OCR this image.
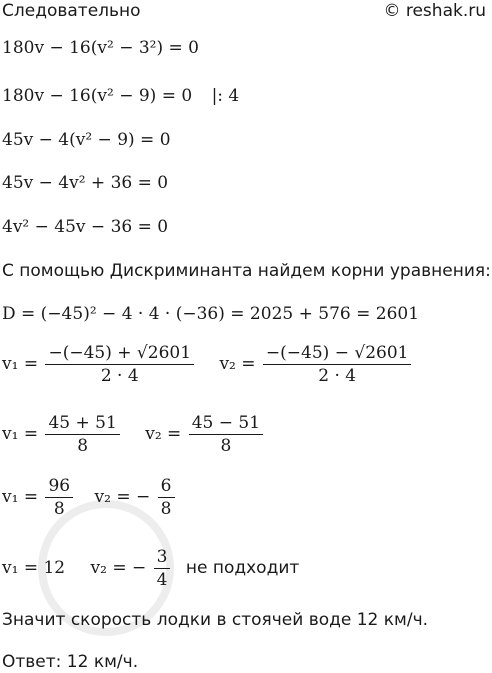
Следовательно	© reshak.ru
180v − 16(v² − 3²) = 0
180v − 16(v² − 9) = 0 |: 4
45v − 4(v² − 9) = 0
45v − 4v² + 36 = 0
4v² − 45v − 36 = 0
С помощью Дискриминанта найдем корни уравнения:
D = (−45)² − 4 · 4 · (−36) = 2025 + 576 = 2601
$v_1 = \frac{-(-45) + √2601}{2 \cdot 4} v_2 = \frac{-(-45) - √2601}{2 \cdot 4}$
$v_1 = \frac{45 + 51}{8} v_2 = \frac{45 - 51}{8}$
$v_1 = \frac{96}{8} v_2$ = − $\frac{6}{8}$
v₁ = 12 v₂ = − $\frac{3}{4}$ не подходит
Значит скорость лодки в стоячей воде 12 км/ч.
Ответ: 12 км/ч.
